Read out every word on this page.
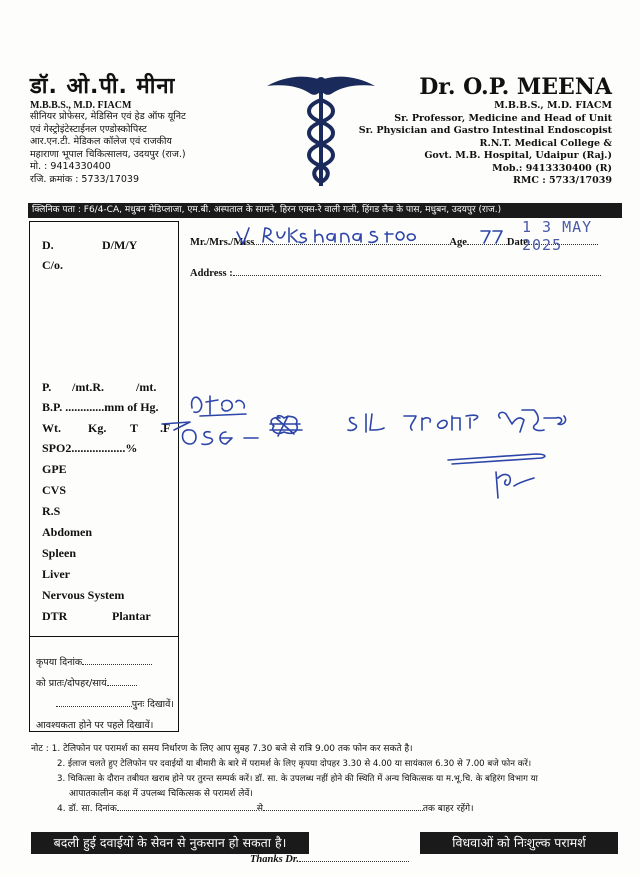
डॉ. ओ.पी. मीना
M.B.B.S., M.D. FIACM
सीनियर प्रोफेसर, मेडिसिन एवं हेड ऑफ यूनिट
एवं गेस्ट्रोइंटेस्टाईनल एण्डोस्कोपिस्ट
आर.एन.टी. मेडिकल कॉलेज एवं राजकीय
महाराणा भूपाल चिकित्सालय, उदयपुर (राज.)
मो. : 9414330400
रजि. क्रमांक : 5733/17039
Dr. O.P. MEENA
M.B.B.S., M.D. FIACM
Sr. Professor, Medicine and Head of Unit
Sr. Physician and Gastro Intestinal Endoscopist
R.N.T. Medical College &
Govt. M.B. Hospital, Udaipur (Raj.)
Mob.: 9413330400 (R)
RMC : 5733/17039
क्लिनिक पता : F6/4-CA, मधुबन मेडिप्लाजा, एम.बी. अस्पताल के सामने, हिरन एक्स-रे वाली गली, हिंगड लैब के पास, मधुबन, उदयपुर (राज.)
Mr./Mrs./Miss	Age	Date
Address :
1 3 MAY 2025
D.	D/M/Y
C/o.
P. /mt.R.	/mt.
B.P. .............mm of Hg.
Wt. Kg. T .F
SPO2..................%
GPE
CVS
R.S
Abdomen
Spleen
Liver
Nervous System
DTR	Plantar
कृपया दिनांक
को प्रातः/दोपहर/सायं
पुनः दिखावें।
आवश्यकता होने पर पहले दिखावें।
नोट : 1. टेलिफोन पर परामर्श का समय निर्धारण के लिए आप सुबह 7.30 बजे से रात्रि 9.00 तक फोन कर सकते है।
2. ईलाज चलते हुए टेलिफोन पर दवाईयों या बीमारी के बारे में परामर्श के लिए कृपया दोपहर 3.30 से 4.00 या सायंकाल 6.30 से 7.00 बजे फोन करें।
3. चिकित्सा के दौरान तबीयत खराब होने पर तुरन्त सम्पर्क करें। डॉ. सा. के उपलब्ध नहीं होने की स्थिति में अन्य चिकित्सक या म.भू.चि. के बहिरंग विभाग या
आपातकालीन कक्ष में उपलब्ध चिकित्सक से परामर्श लेवें।
4. डॉ. सा. दिनांक	से	तक बाहर रहेंगे।
बदली हुई दवाईयों के सेवन से नुकसान हो सकता है।	विधवाओं को निःशुल्क परामर्श
Thanks Dr.
